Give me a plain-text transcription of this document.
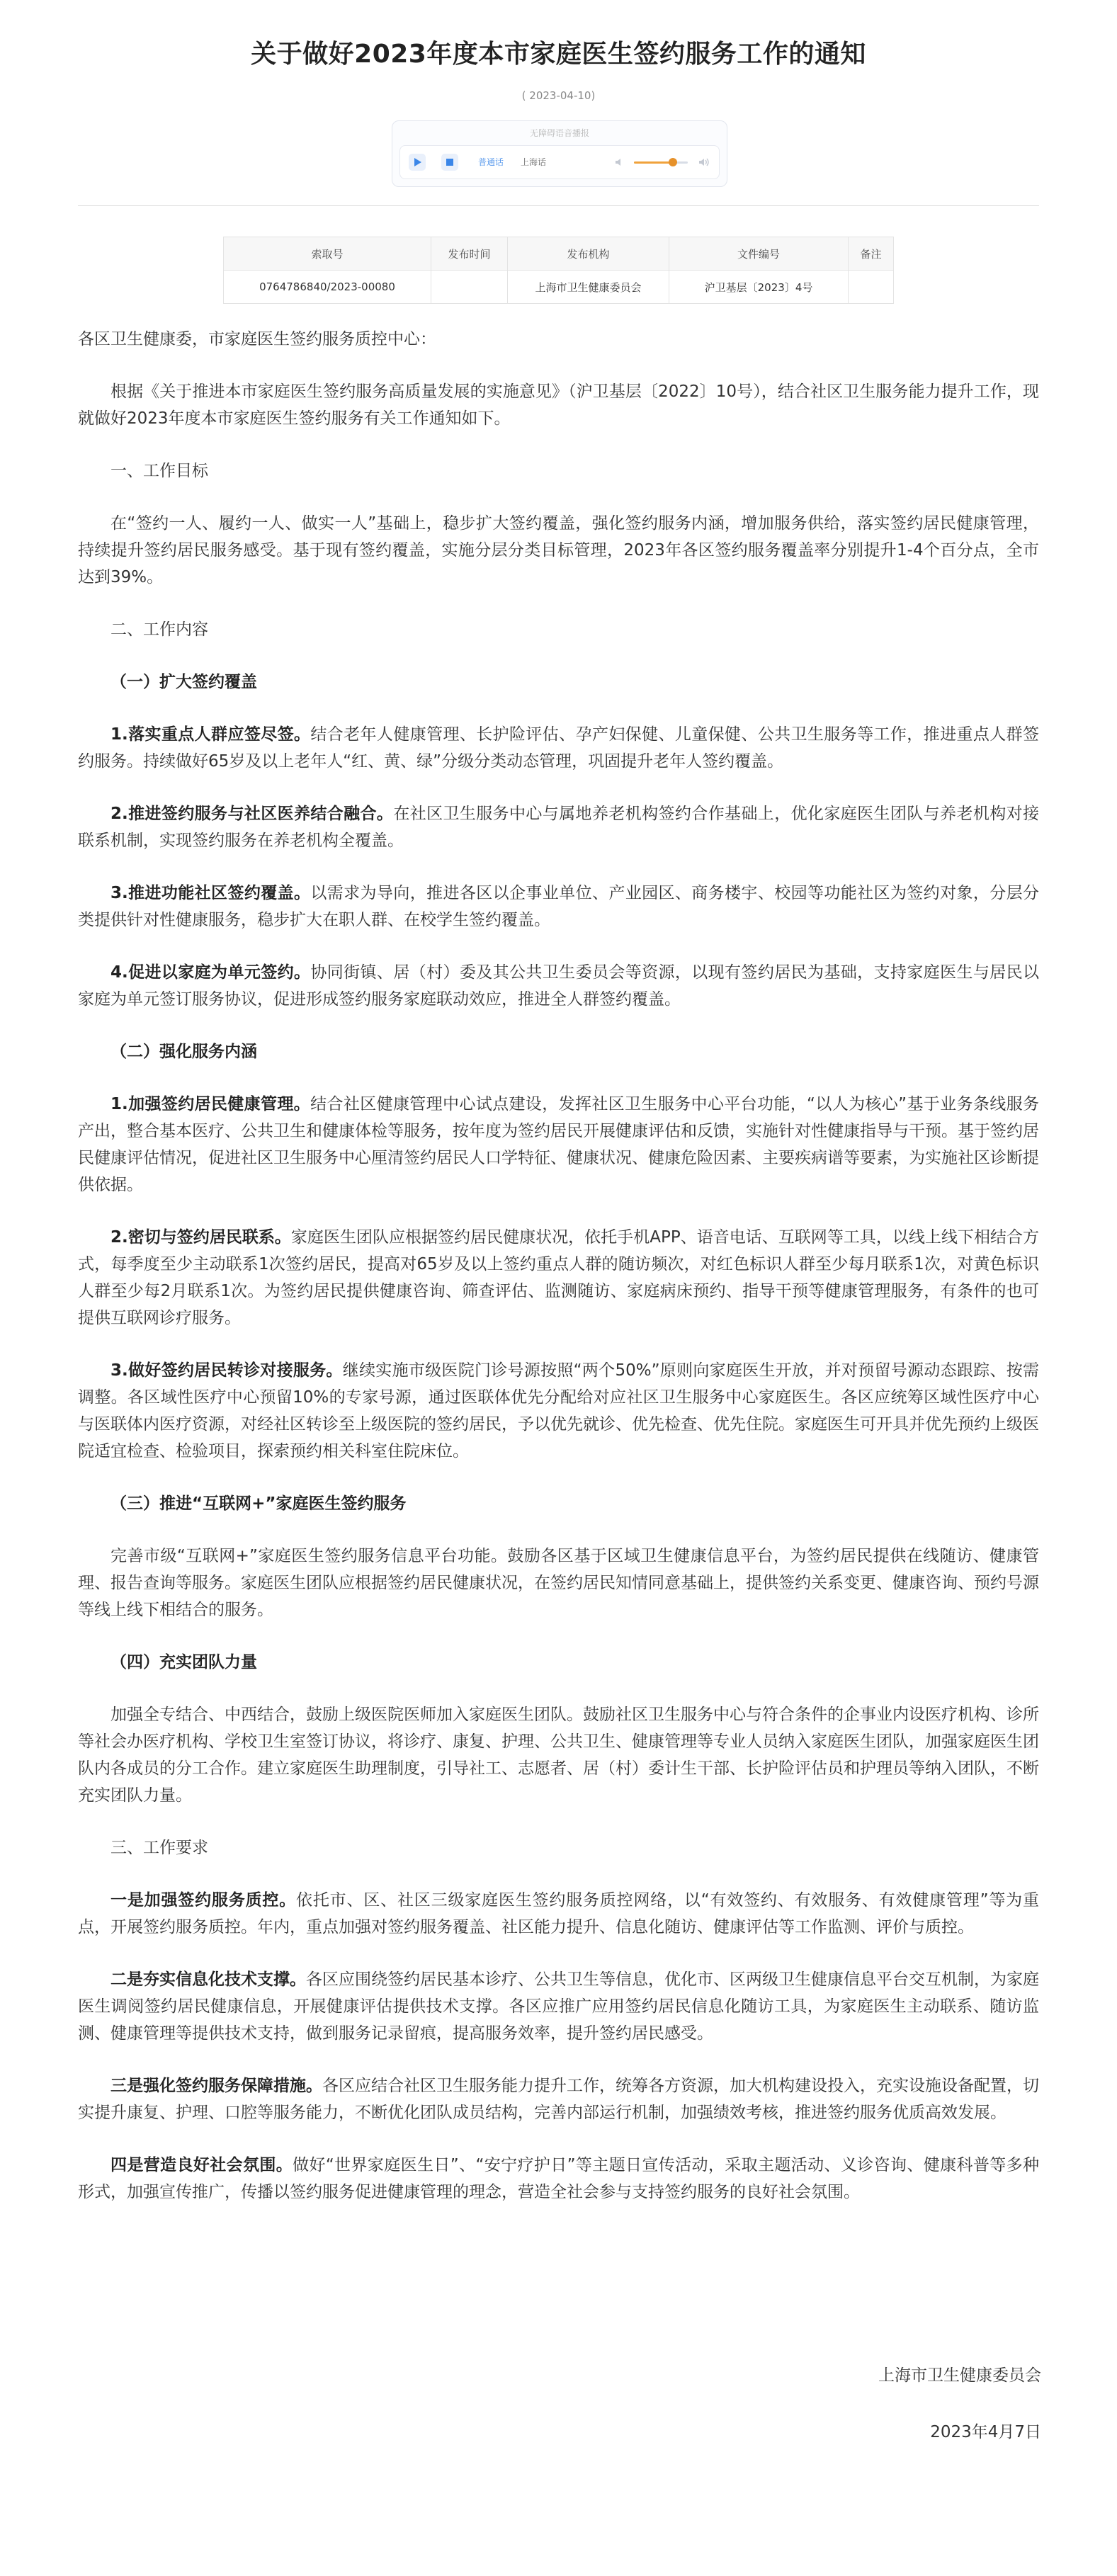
关于做好2023年度本市家庭医生签约服务工作的通知
( 2023-04-10)
无障碍语音播报
普通话 上海话
索取号	发布时间	发布机构	文件编号	备注
0764786840/2023-00080		上海市卫生健康委员会	沪卫基层〔2023〕4号	

各区卫生健康委，市家庭医生签约服务质控中心：

根据《关于推进本市家庭医生签约服务高质量发展的实施意见》（沪卫基层〔2022〕10号），结合社区卫生服务能力提升工作，现就做好2023年度本市家庭医生签约服务有关工作通知如下。

一、工作目标

在“签约一人、履约一人、做实一人”基础上，稳步扩大签约覆盖，强化签约服务内涵，增加服务供给，落实签约居民健康管理，持续提升签约居民服务感受。基于现有签约覆盖，实施分层分类目标管理，2023年各区签约服务覆盖率分别提升1-4个百分点，全市达到39%。

二、工作内容

（一）扩大签约覆盖

1.落实重点人群应签尽签。结合老年人健康管理、长护险评估、孕产妇保健、儿童保健、公共卫生服务等工作，推进重点人群签约服务。持续做好65岁及以上老年人“红、黄、绿”分级分类动态管理，巩固提升老年人签约覆盖。

2.推进签约服务与社区医养结合融合。在社区卫生服务中心与属地养老机构签约合作基础上，优化家庭医生团队与养老机构对接联系机制，实现签约服务在养老机构全覆盖。

3.推进功能社区签约覆盖。以需求为导向，推进各区以企事业单位、产业园区、商务楼宇、校园等功能社区为签约对象，分层分类提供针对性健康服务，稳步扩大在职人群、在校学生签约覆盖。

4.促进以家庭为单元签约。协同街镇、居（村）委及其公共卫生委员会等资源，以现有签约居民为基础，支持家庭医生与居民以家庭为单元签订服务协议，促进形成签约服务家庭联动效应，推进全人群签约覆盖。

（二）强化服务内涵

1.加强签约居民健康管理。结合社区健康管理中心试点建设，发挥社区卫生服务中心平台功能，“以人为核心”基于业务条线服务产出，整合基本医疗、公共卫生和健康体检等服务，按年度为签约居民开展健康评估和反馈，实施针对性健康指导与干预。基于签约居民健康评估情况，促进社区卫生服务中心厘清签约居民人口学特征、健康状况、健康危险因素、主要疾病谱等要素，为实施社区诊断提供依据。

2.密切与签约居民联系。家庭医生团队应根据签约居民健康状况，依托手机APP、语音电话、互联网等工具，以线上线下相结合方式，每季度至少主动联系1次签约居民，提高对65岁及以上签约重点人群的随访频次，对红色标识人群至少每月联系1次，对黄色标识人群至少每2月联系1次。为签约居民提供健康咨询、筛查评估、监测随访、家庭病床预约、指导干预等健康管理服务，有条件的也可提供互联网诊疗服务。

3.做好签约居民转诊对接服务。继续实施市级医院门诊号源按照“两个50%”原则向家庭医生开放，并对预留号源动态跟踪、按需调整。各区域性医疗中心预留10%的专家号源，通过医联体优先分配给对应社区卫生服务中心家庭医生。各区应统筹区域性医疗中心与医联体内医疗资源，对经社区转诊至上级医院的签约居民，予以优先就诊、优先检查、优先住院。家庭医生可开具并优先预约上级医院适宜检查、检验项目，探索预约相关科室住院床位。

（三）推进“互联网+”家庭医生签约服务

完善市级“互联网+”家庭医生签约服务信息平台功能。鼓励各区基于区域卫生健康信息平台，为签约居民提供在线随访、健康管理、报告查询等服务。家庭医生团队应根据签约居民健康状况，在签约居民知情同意基础上，提供签约关系变更、健康咨询、预约号源等线上线下相结合的服务。

（四）充实团队力量

加强全专结合、中西结合，鼓励上级医院医师加入家庭医生团队。鼓励社区卫生服务中心与符合条件的企事业内设医疗机构、诊所等社会办医疗机构、学校卫生室签订协议，将诊疗、康复、护理、公共卫生、健康管理等专业人员纳入家庭医生团队，加强家庭医生团队内各成员的分工合作。建立家庭医生助理制度，引导社工、志愿者、居（村）委计生干部、长护险评估员和护理员等纳入团队，不断充实团队力量。

三、工作要求

一是加强签约服务质控。依托市、区、社区三级家庭医生签约服务质控网络，以“有效签约、有效服务、有效健康管理”等为重点，开展签约服务质控。年内，重点加强对签约服务覆盖、社区能力提升、信息化随访、健康评估等工作监测、评价与质控。

二是夯实信息化技术支撑。各区应围绕签约居民基本诊疗、公共卫生等信息，优化市、区两级卫生健康信息平台交互机制，为家庭医生调阅签约居民健康信息，开展健康评估提供技术支撑。各区应推广应用签约居民信息化随访工具，为家庭医生主动联系、随访监测、健康管理等提供技术支持，做到服务记录留痕，提高服务效率，提升签约居民感受。

三是强化签约服务保障措施。各区应结合社区卫生服务能力提升工作，统筹各方资源，加大机构建设投入，充实设施设备配置，切实提升康复、护理、口腔等服务能力，不断优化团队成员结构，完善内部运行机制，加强绩效考核，推进签约服务优质高效发展。

四是营造良好社会氛围。做好“世界家庭医生日”、“安宁疗护日”等主题日宣传活动，采取主题活动、义诊咨询、健康科普等多种形式，加强宣传推广，传播以签约服务促进健康管理的理念，营造全社会参与支持签约服务的良好社会氛围。

上海市卫生健康委员会
2023年4月7日
